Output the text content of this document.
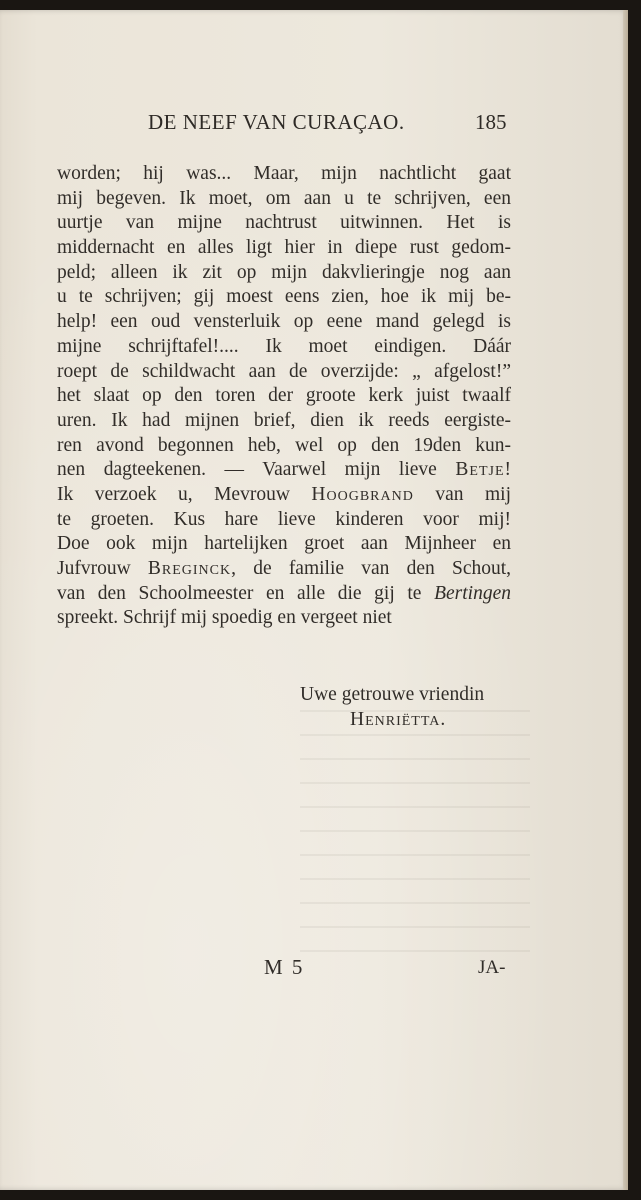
DE NEEF VAN CURAÇAO.	185
worden; hij was... Maar, mijn nachtlicht gaat
mij begeven. Ik moet, om aan u te schrijven, een
uurtje van mijne nachtrust uitwinnen. Het is
middernacht en alles ligt hier in diepe rust gedom-
peld; alleen ik zit op mijn dakvlieringje nog aan
u te schrijven; gij moest eens zien, hoe ik mij be-
help! een oud vensterluik op eene mand gelegd is
mijne schrijftafel!.... Ik moet eindigen. Dáár
roept de schildwacht aan de overzijde: „ afgelost!”
het slaat op den toren der groote kerk juist twaalf
uren. Ik had mijnen brief, dien ik reeds eergiste-
ren avond begonnen heb, wel op den 19den kun-
nen dagteekenen. — Vaarwel mijn lieve Betje!
Ik verzoek u, Mevrouw Hoogbrand van mij
te groeten. Kus hare lieve kinderen voor mij!
Doe ook mijn hartelijken groet aan Mijnheer en
Jufvrouw Breginck, de familie van den Schout,
van den Schoolmeester en alle die gij te Bertingen
spreekt. Schrijf mij spoedig en vergeet niet
Uwe getrouwe vriendin
Henriëtta.
M 5	JA-
